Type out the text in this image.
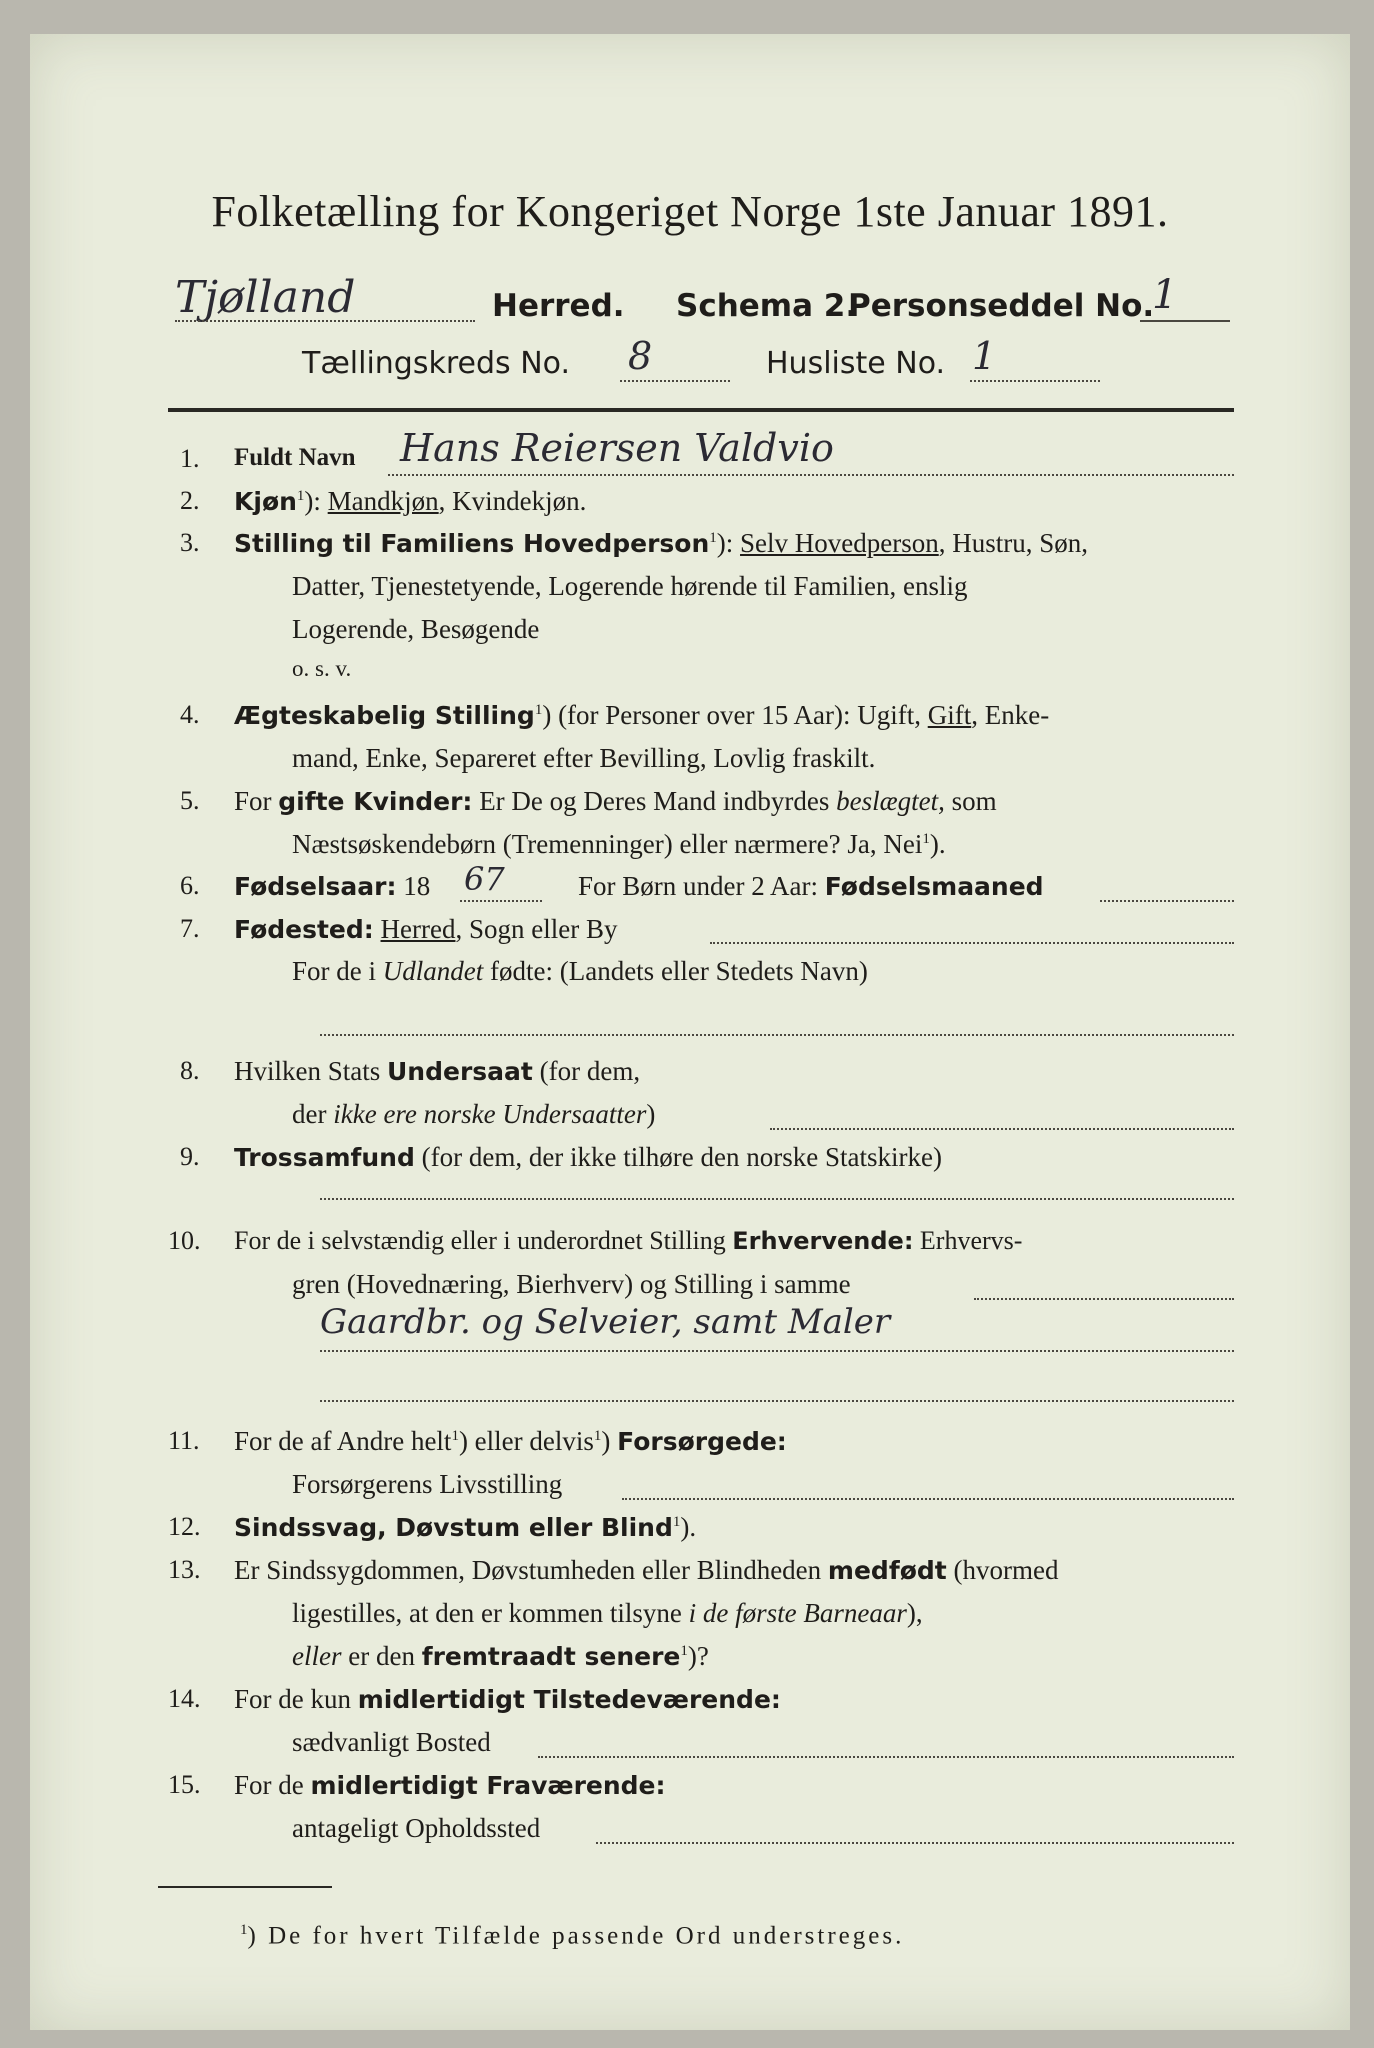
Folketælling for Kongeriget Norge 1ste Januar 1891.
Tjølland	Herred. Schema 2.
Personseddel No.
1
Tællingskreds No. 8	Husliste No. 1
1. Fuldt Navn Hans Reiersen Valdvio
2. Kjøn$^1$): Mandkjøn, Kvindekjøn.
3. Stilling til Familiens Hovedperson$^1$): Selv Hovedperson, Hustru, Søn,
Datter, Tjenestetyende, Logerende hørende til Familien, enslig
Logerende, Besøgende
o. s. v.
4. Ægteskabelig Stilling$^1$) (for Personer over 15 Aar): Ugift, Gift, Enke-
mand, Enke, Separeret efter Bevilling, Lovlig fraskilt.
5. For gifte Kvinder: Er De og Deres Mand indbyrdes beslægtet, som
Næstsøskendebørn (Tremenninger) eller nærmere? Ja, Nei$^1$).
6. Fødselsaar: 18 67	For Børn under 2 Aar: Fødselsmaaned
7. Fødested: Herred, Sogn eller By
For de i Udlandet fødte: (Landets eller Stedets Navn)
8. Hvilken Stats Undersaat (for dem,
der ikke ere norske Undersaatter)
9. Trossamfund (for dem, der ikke tilhøre den norske Statskirke)
10. For de i selvstændig eller i underordnet Stilling Erhvervende: Erhvervs-
gren (Hovednæring, Bierhverv) og Stilling i samme
Gaardbr. og Selveier, samt Maler
11. For de af Andre helt$^1$) eller delvis$^1$) Forsørgede:
Forsørgerens Livsstilling
12. Sindssvag, Døvstum eller Blind$^1$).
13. Er Sindssygdommen, Døvstumheden eller Blindheden medfødt (hvormed
ligestilles, at den er kommen tilsyne i de første Barneaar),
eller er den fremtraadt senere$^1$)?
14. For de kun midlertidigt Tilstedeværende:
sædvanligt Bosted
15. For de midlertidigt Fraværende:
antageligt Opholdssted
$^1$) De for hvert Tilfælde passende Ord understreges.
